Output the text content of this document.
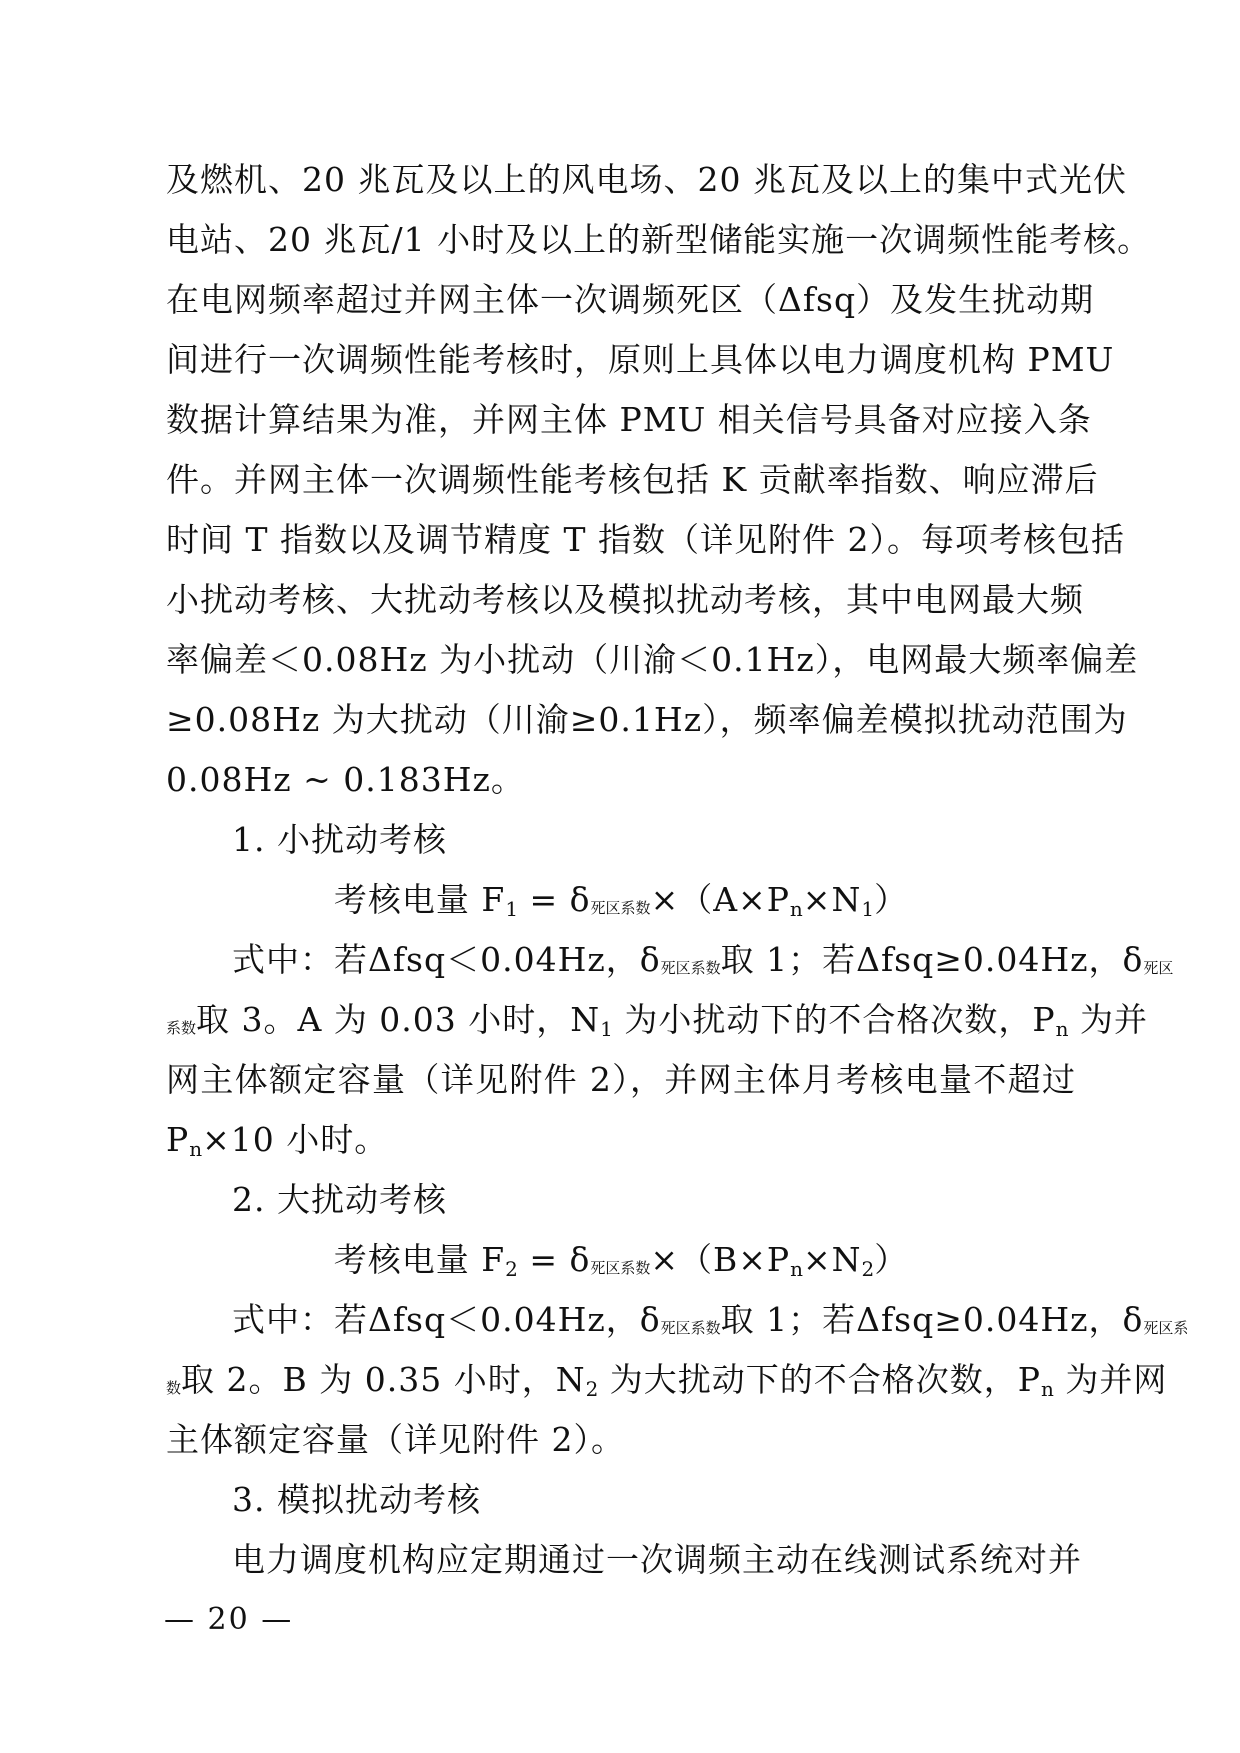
及燃机、20 兆瓦及以上的风电场、20 兆瓦及以上的集中式光伏
电站、20 兆瓦/1 小时及以上的新型储能实施一次调频性能考核。
在电网频率超过并网主体一次调频死区（Δfsq）及发生扰动期
间进行一次调频性能考核时，原则上具体以电力调度机构 PMU
数据计算结果为准，并网主体 PMU 相关信号具备对应接入条
件。并网主体一次调频性能考核包括 K 贡献率指数、响应滞后
时间 T 指数以及调节精度 T 指数（详见附件 2）。每项考核包括
小扰动考核、大扰动考核以及模拟扰动考核，其中电网最大频
率偏差＜0.08Hz 为小扰动（川渝＜0.1Hz），电网最大频率偏差
≥0.08Hz 为大扰动（川渝≥0.1Hz），频率偏差模拟扰动范围为
0.08Hz ~ 0.183Hz。
1. 小扰动考核
考核电量 $F_1 = \delta$死区系数$\times(A\times P_n\times N_1)$
式中：若Δfsq＜0.04Hz，δ死区系数取 1；若Δfsq≥0.04Hz，δ死区
系数取 3。A 为 0.03 小时，$N_1$ 为小扰动下的不合格次数，$P_n$ 为并
网主体额定容量（详见附件 2），并网主体月考核电量不超过
$P_n\times 10$ 小时。
2. 大扰动考核
考核电量 $F_2 = \delta$死区系数$\times(B\times P_n\times N_2)$
式中：若Δfsq＜0.04Hz，δ死区系数取 1；若Δfsq≥0.04Hz，δ死区系
数取 2。B 为 0.35 小时，$N_2$ 为大扰动下的不合格次数，$P_n$ 为并网
主体额定容量（详见附件 2）。
3. 模拟扰动考核
电力调度机构应定期通过一次调频主动在线测试系统对并
— 20 —
